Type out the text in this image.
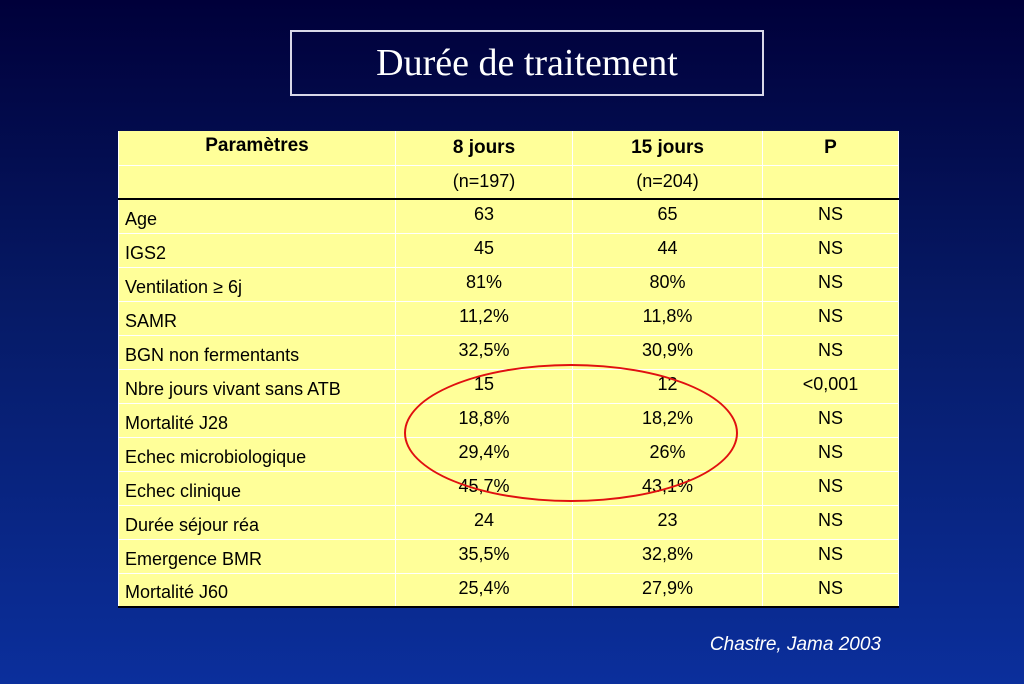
Durée de traitement
Paramètres	8 jours	15 jours	P
	(n=197)	(n=204)	
Age	63	65	NS
IGS2	45	44	NS
Ventilation ≥ 6j	81%	80%	NS
SAMR	11,2%	11,8%	NS
BGN non fermentants	32,5%	30,9%	NS
Nbre jours vivant sans ATB	15	12	<0,001
Mortalité J28	18,8%	18,2%	NS
Echec microbiologique	29,4%	26%	NS
Echec clinique	45,7%	43,1%	NS
Durée séjour réa	24	23	NS
Emergence BMR	35,5%	32,8%	NS
Mortalité J60	25,4%	27,9%	NS
Chastre, Jama 2003
